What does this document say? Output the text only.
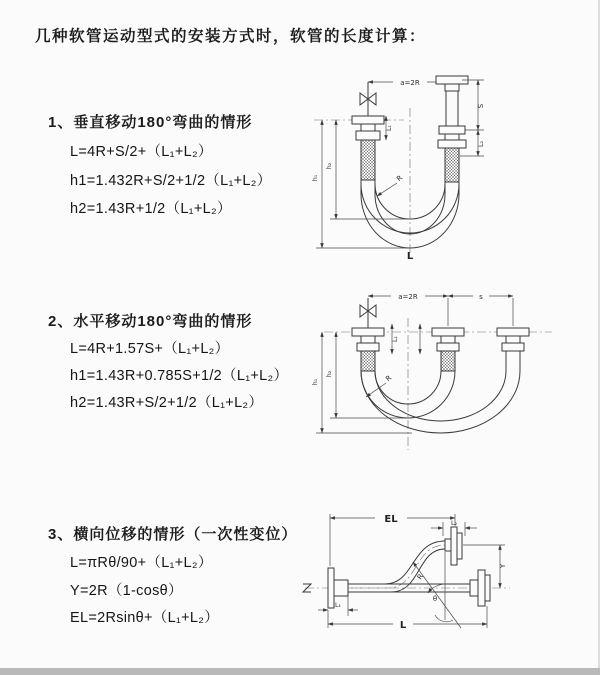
几种软管运动型式的安装方式时，软管的长度计算：
1、垂直移动180°弯曲的情形
L=4R+S/2+（L₁+L₂）
h1=1.432R+S/2+1/2（L₁+L₂）
h2=1.43R+1/2（L₁+L₂）
2、水平移动180°弯曲的情形
L=4R+1.57S+（L₁+L₂）
h1=1.43R+0.785S+1/2（L₁+L₂）
h2=1.43R+S/2+1/2（L₁+L₂）
3、横向位移的情形（一次性变位）
L=πRθ/90+（L₁+L₂）
Y=2R（1-cosθ）
EL=2Rsinθ+（L₁+L₂）
a=2R
L₁
S
L₂
h₂
h₁	R
L
a=2R	s
L₁
h₂
h₁	R
EL	L₂
Y
R
θ
L₁
L
